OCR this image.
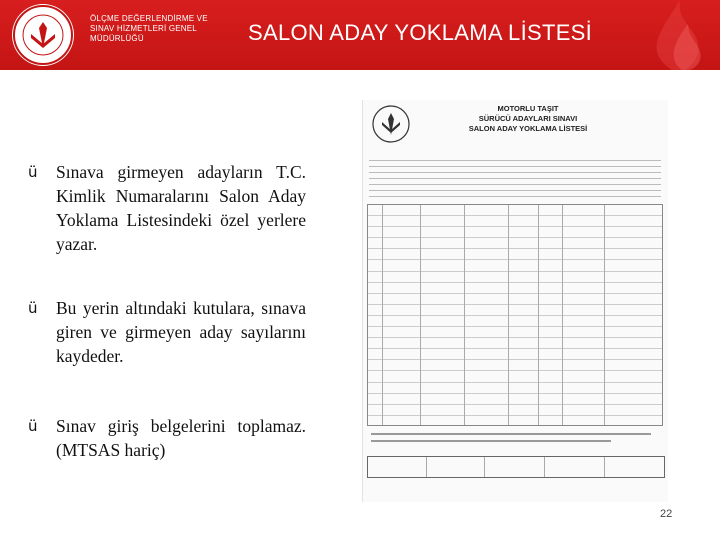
ÖLÇME DEĞERLENDİRME VE
SINAV HİZMETLERİ GENEL
MÜDÜRLÜĞÜ	SALON ADAY YOKLAMA LİSTESİ
ü Sınava girmeyen adayların T.C. Kimlik Numaralarını Salon Aday Yoklama Listesindeki özel yerlere yazar.
ü Bu yerin altındaki kutulara, sınava giren ve girmeyen aday sayılarını kaydeder.
ü Sınav giriş belgelerini toplamaz. (MTSAS hariç)
MOTORLU TAŞIT
SÜRÜCÜ ADAYLARI SINAVI
SALON ADAY YOKLAMA LİSTESİ
22
